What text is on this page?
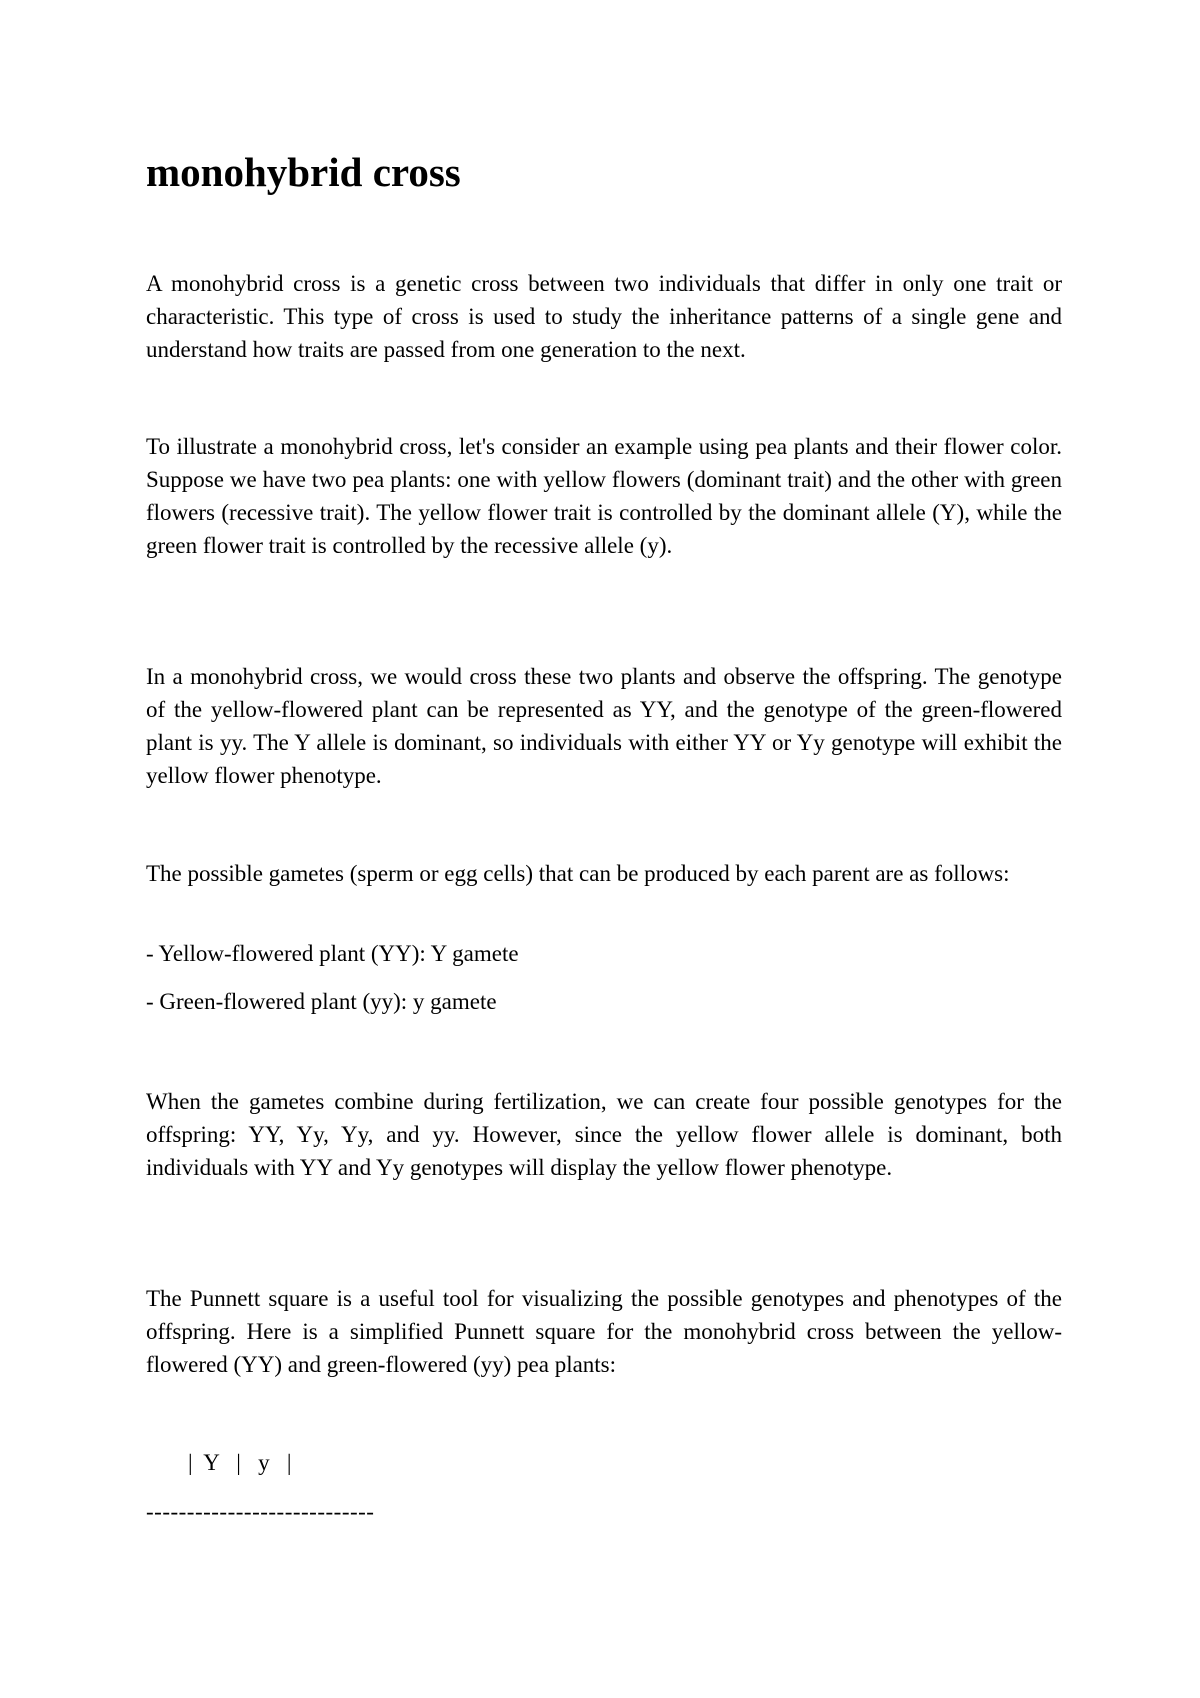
monohybrid cross

A monohybrid cross is a genetic cross between two individuals that differ in only one trait or characteristic. This type of cross is used to study the inheritance patterns of a single gene and understand how traits are passed from one generation to the next.

To illustrate a monohybrid cross, let's consider an example using pea plants and their flower color. Suppose we have two pea plants: one with yellow flowers (dominant trait) and the other with green flowers (recessive trait). The yellow flower trait is controlled by the dominant allele (Y), while the green flower trait is controlled by the recessive allele (y).

In a monohybrid cross, we would cross these two plants and observe the offspring. The genotype of the yellow-flowered plant can be represented as YY, and the genotype of the green-flowered plant is yy. The Y allele is dominant, so individuals with either YY or Yy genotype will exhibit the yellow flower phenotype.

The possible gametes (sperm or egg cells) that can be produced by each parent are as follows:

- Yellow-flowered plant (YY): Y gamete

- Green-flowered plant (yy): y gamete

When the gametes combine during fertilization, we can create four possible genotypes for the offspring: YY, Yy, Yy, and yy. However, since the yellow flower allele is dominant, both individuals with YY and Yy genotypes will display the yellow flower phenotype.

The Punnett square is a useful tool for visualizing the possible genotypes and phenotypes of the offspring. Here is a simplified Punnett square for the monohybrid cross between the yellow-flowered (YY) and green-flowered (yy) pea plants:

|  Y   |   y   |

----------------------------
